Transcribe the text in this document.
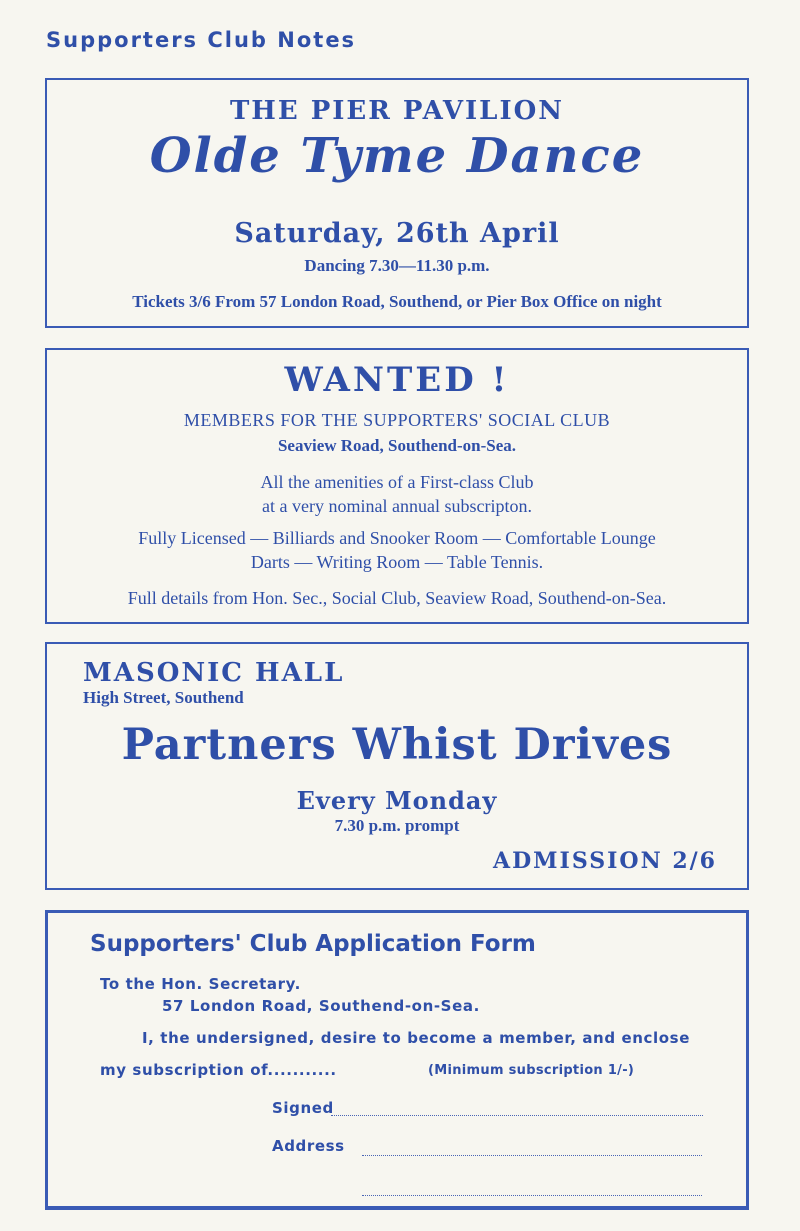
Supporters Club Notes
THE PIER PAVILION
Olde Tyme Dance
Saturday, 26th April
Dancing 7.30—11.30 p.m.
Tickets 3/6 From 57 London Road, Southend, or Pier Box Office on night
WANTED !
MEMBERS FOR THE SUPPORTERS' SOCIAL CLUB
Seaview Road, Southend-on-Sea.
All the amenities of a First-class Club
at a very nominal annual subscripton.
Fully Licensed — Billiards and Snooker Room — Comfortable Lounge
Darts — Writing Room — Table Tennis.
Full details from Hon. Sec., Social Club, Seaview Road, Southend-on-Sea.
MASONIC HALL
High Street, Southend
Partners Whist Drives
Every Monday
7.30 p.m. prompt
ADMISSION 2/6
Supporters' Club Application Form
To the Hon. Secretary.
57 London Road, Southend-on-Sea.
I, the undersigned, desire to become a member, and enclose
my subscription of...........	(Minimum subscription 1/-)
Signed
Address
